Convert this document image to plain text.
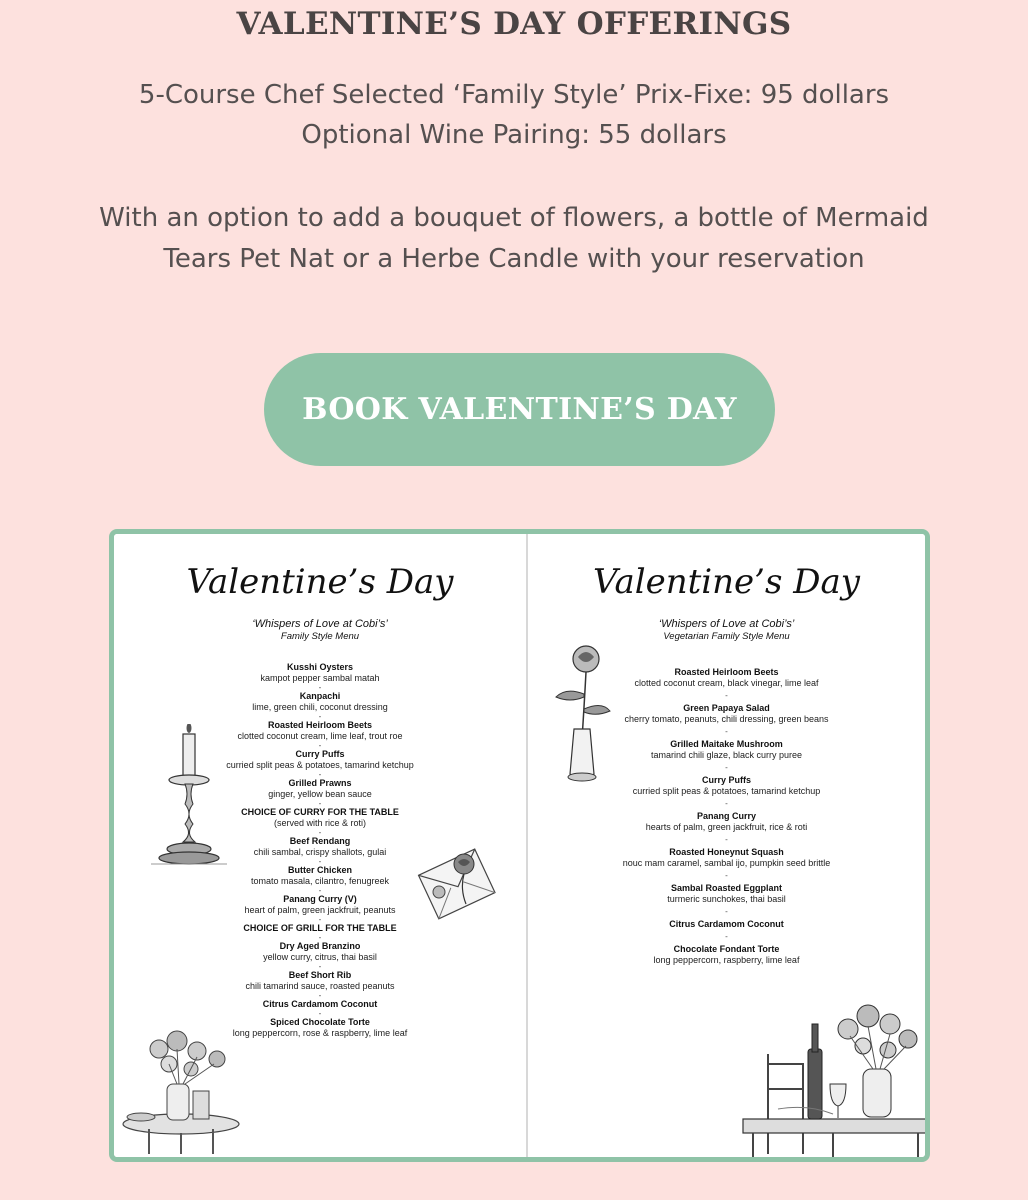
VALENTINE’S DAY OFFERINGS
5-Course Chef Selected ‘Family Style’ Prix-Fixe: 95 dollars
Optional Wine Pairing: 55 dollars
With an option to add a bouquet of flowers, a bottle of Mermaid
Tears Pet Nat or a Herbe Candle with your reservation
BOOK VALENTINE’S DAY
Valentine’s Day
‘Whispers of Love at Cobi’s’
Family Style Menu
Kusshi Oysters
kampot pepper sambal matah
-
Kanpachi
lime, green chili, coconut dressing
-
Roasted Heirloom Beets
clotted coconut cream, lime leaf, trout roe
-
Curry Puffs
curried split peas & potatoes, tamarind ketchup
-
Grilled Prawns
ginger, yellow bean sauce
-
CHOICE OF CURRY FOR THE TABLE
(served with rice & roti)
-
Beef Rendang
chili sambal, crispy shallots, gulai
-
Butter Chicken
tomato masala, cilantro, fenugreek
-
Panang Curry (V)
heart of palm, green jackfruit, peanuts
-
CHOICE OF GRILL FOR THE TABLE
-
Dry Aged Branzino
yellow curry, citrus, thai basil
-
Beef Short Rib
chili tamarind sauce, roasted peanuts
-
Citrus Cardamom Coconut
-
Spiced Chocolate Torte
long peppercorn, rose & raspberry, lime leaf
Valentine’s Day
‘Whispers of Love at Cobi’s’
Vegetarian Family Style Menu
Roasted Heirloom Beets
clotted coconut cream, black vinegar, lime leaf
-
Green Papaya Salad
cherry tomato, peanuts, chili dressing, green beans
-
Grilled Maitake Mushroom
tamarind chili glaze, black curry puree
-
Curry Puffs
curried split peas & potatoes, tamarind ketchup
-
Panang Curry
hearts of palm, green jackfruit, rice & roti
-
Roasted Honeynut Squash
nouc mam caramel, sambal ijo, pumpkin seed brittle
-
Sambal Roasted Eggplant
turmeric sunchokes, thai basil
-
Citrus Cardamom Coconut
-
Chocolate Fondant Torte
long peppercorn, raspberry, lime leaf
